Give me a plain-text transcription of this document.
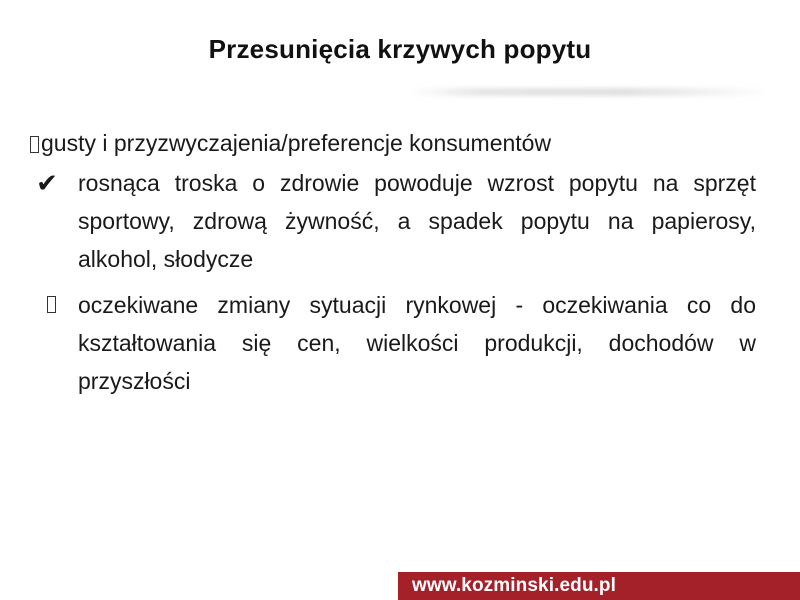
Przesunięcia krzywych popytu
gusty i przyzwyczajenia/preferencje konsumentów
✔ rosnąca troska o zdrowie powoduje wzrost popytu na sprzęt sportowy, zdrową żywność, a spadek popytu na papierosy, alkohol, słodycze
oczekiwane zmiany sytuacji rynkowej - oczekiwania co do kształtowania się cen, wielkości produkcji, dochodów w przyszłości
www.kozminski.edu.pl
